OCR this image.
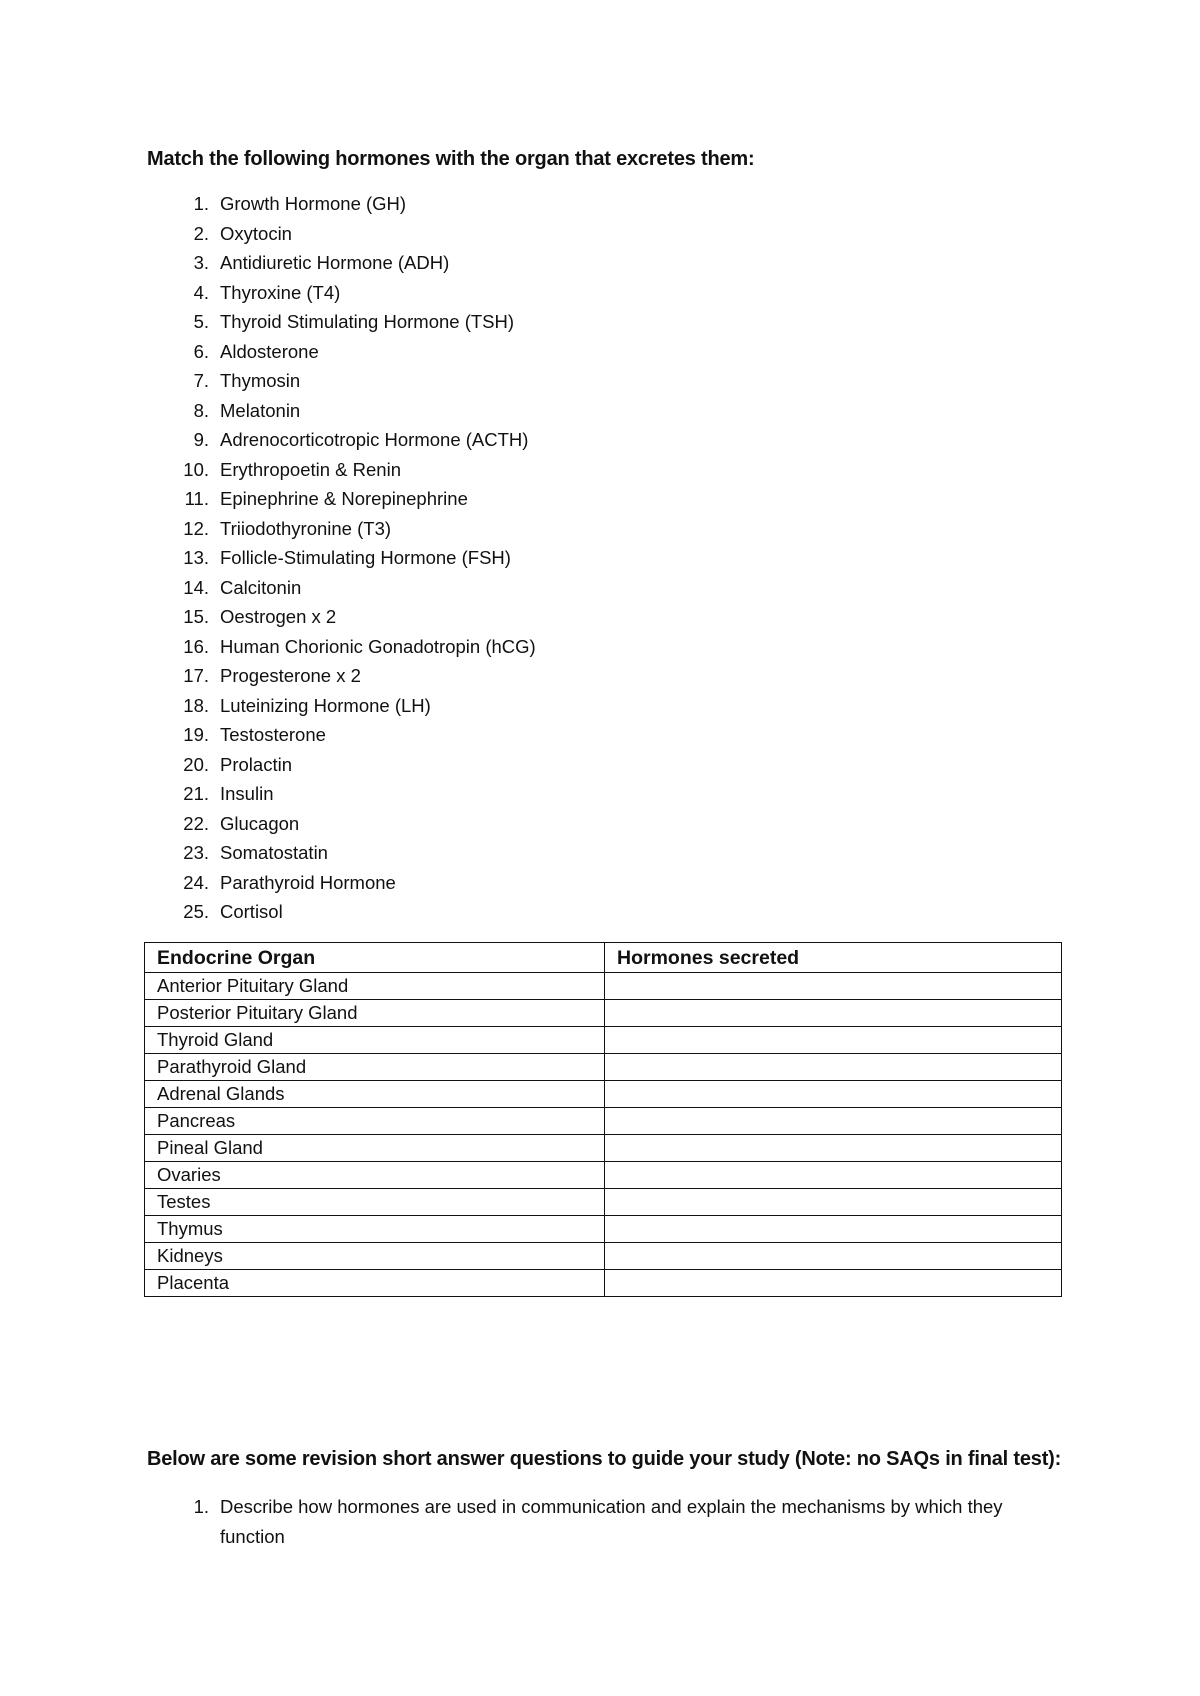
Match the following hormones with the organ that excretes them:
1. Growth Hormone (GH)
2. Oxytocin
3. Antidiuretic Hormone (ADH)
4. Thyroxine (T4)
5. Thyroid Stimulating Hormone (TSH)
6. Aldosterone
7. Thymosin
8. Melatonin
9. Adrenocorticotropic Hormone (ACTH)
10. Erythropoetin & Renin
11. Epinephrine & Norepinephrine
12. Triiodothyronine (T3)
13. Follicle-Stimulating Hormone (FSH)
14. Calcitonin
15. Oestrogen x 2
16. Human Chorionic Gonadotropin (hCG)
17. Progesterone x 2
18. Luteinizing Hormone (LH)
19. Testosterone
20. Prolactin
21. Insulin
22. Glucagon
23. Somatostatin
24. Parathyroid Hormone
25. Cortisol
Endocrine Organ	Hormones secreted
Anterior Pituitary Gland	
Posterior Pituitary Gland	
Thyroid Gland	
Parathyroid Gland	
Adrenal Glands	
Pancreas	
Pineal Gland	
Ovaries	
Testes	
Thymus	
Kidneys	
Placenta	
Below are some revision short answer questions to guide your study (Note: no SAQs in final test):
1. Describe how hormones are used in communication and explain the mechanisms by which they function
